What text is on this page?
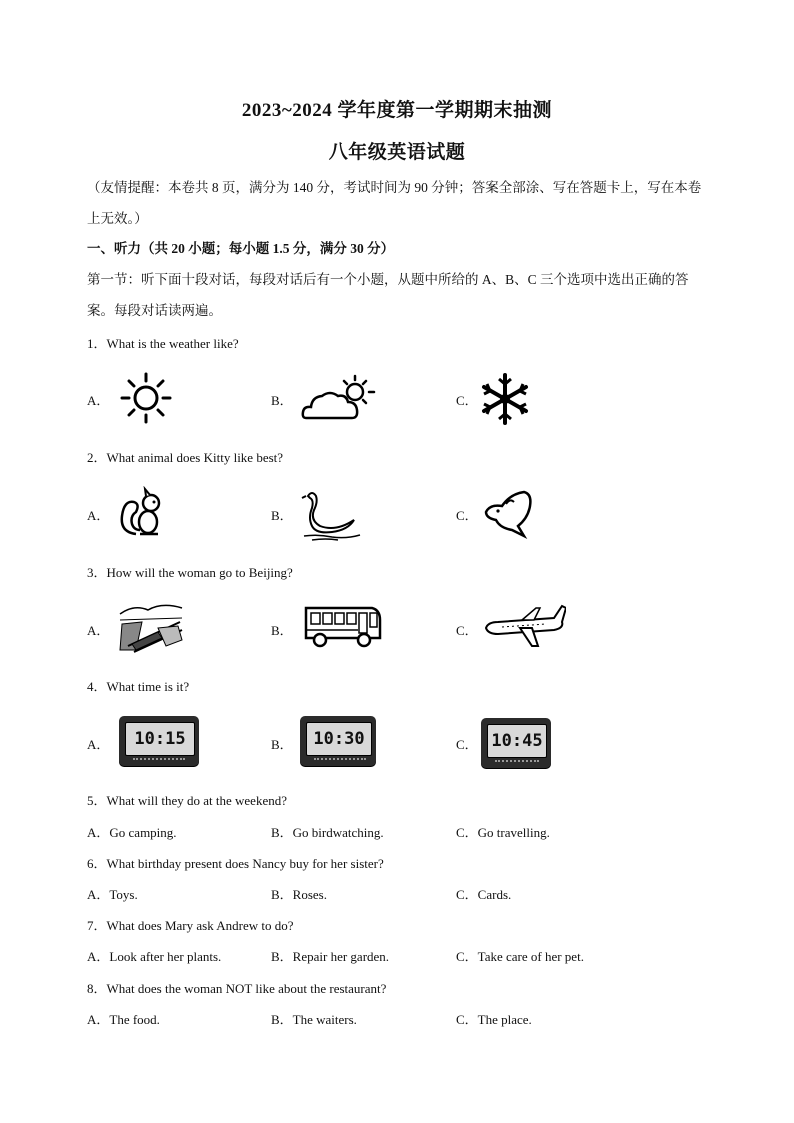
2023~2024 学年度第一学期期末抽测
八年级英语试题
（友情提醒：本卷共 8 页，满分为 140 分，考试时间为 90 分钟；答案全部涂、写在答题卡上，写在本卷上无效。）
一、听力（共 20 小题；每小题 1.5 分，满分 30 分）
第一节：听下面十段对话，每段对话后有一个小题，从题中所给的 A、B、C 三个选项中选出正确的答案。每段对话读两遍。
1．What is the weather like?
A．	B．	C．
2．What animal does Kitty like best?
A．	B．	C．
3．How will the woman go to Beijing?
A．	B．	C．
4．What time is it?
A．	10:15	B．	10:30	C． 10:45
5．What will they do at the weekend?
A．Go camping.	B．Go birdwatching.	C．Go travelling.
6．What birthday present does Nancy buy for her sister?
A．Toys.	B．Roses.	C．Cards.
7．What does Mary ask Andrew to do?
A．Look after her plants.	B．Repair her garden.	C．Take care of her pet.
8．What does the woman NOT like about the restaurant?
A．The food.	B．The waiters.	C．The place.
